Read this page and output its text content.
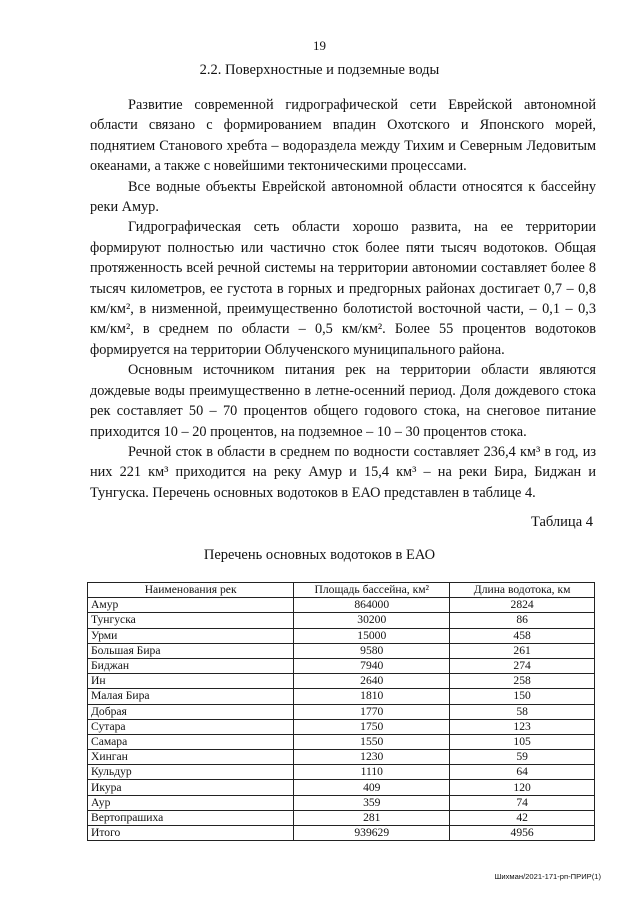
19
2.2. Поверхностные и подземные воды

Развитие современной гидрографической сети Еврейской автономной области связано с формированием впадин Охотского и Японского морей, поднятием Станового хребта – водораздела между Тихим и Северным Ледовитым океанами, а также с новейшими тектоническими процессами.

Все водные объекты Еврейской автономной области относятся к бассейну реки Амур.

Гидрографическая сеть области хорошо развита, на ее территории формируют полностью или частично сток более пяти тысяч водотоков. Общая протяженность всей речной системы на территории автономии составляет более 8 тысяч километров, ее густота в горных и предгорных районах достигает 0,7 – 0,8 км/км², в низменной, преимущественно болотистой восточной части, – 0,1 – 0,3 км/км², в среднем по области – 0,5 км/км². Более 55 процентов водотоков формируется на территории Облученского муниципального района.

Основным источником питания рек на территории области являются дождевые воды преимущественно в летне-осенний период. Доля дождевого стока рек составляет 50 – 70 процентов общего годового стока, на снеговое питание приходится 10 – 20 процентов, на подземное – 10 – 30 процентов стока.

Речной сток в области в среднем по водности составляет 236,4 км³ в год, из них 221 км³ приходится на реку Амур и 15,4 км³ – на реки Бира, Биджан и Тунгуска. Перечень основных водотоков в ЕАО представлен в таблице 4.

Таблица 4
Перечень основных водотоков в ЕАО
Наименования рек	Площадь бассейна, км²	Длина водотока, км
Амур	864000	2824
Тунгуска	30200	86
Урми	15000	458
Большая Бира	9580	261
Биджан	7940	274
Ин	2640	258
Малая Бира	1810	150
Добрая	1770	58
Сутара	1750	123
Самара	1550	105
Хинган	1230	59
Кульдур	1110	64
Икура	409	120
Аур	359	74
Вертопрашиха	281	42
Итого	939629	4956
Шихман/2021-171-рп-ПРИР(1)
